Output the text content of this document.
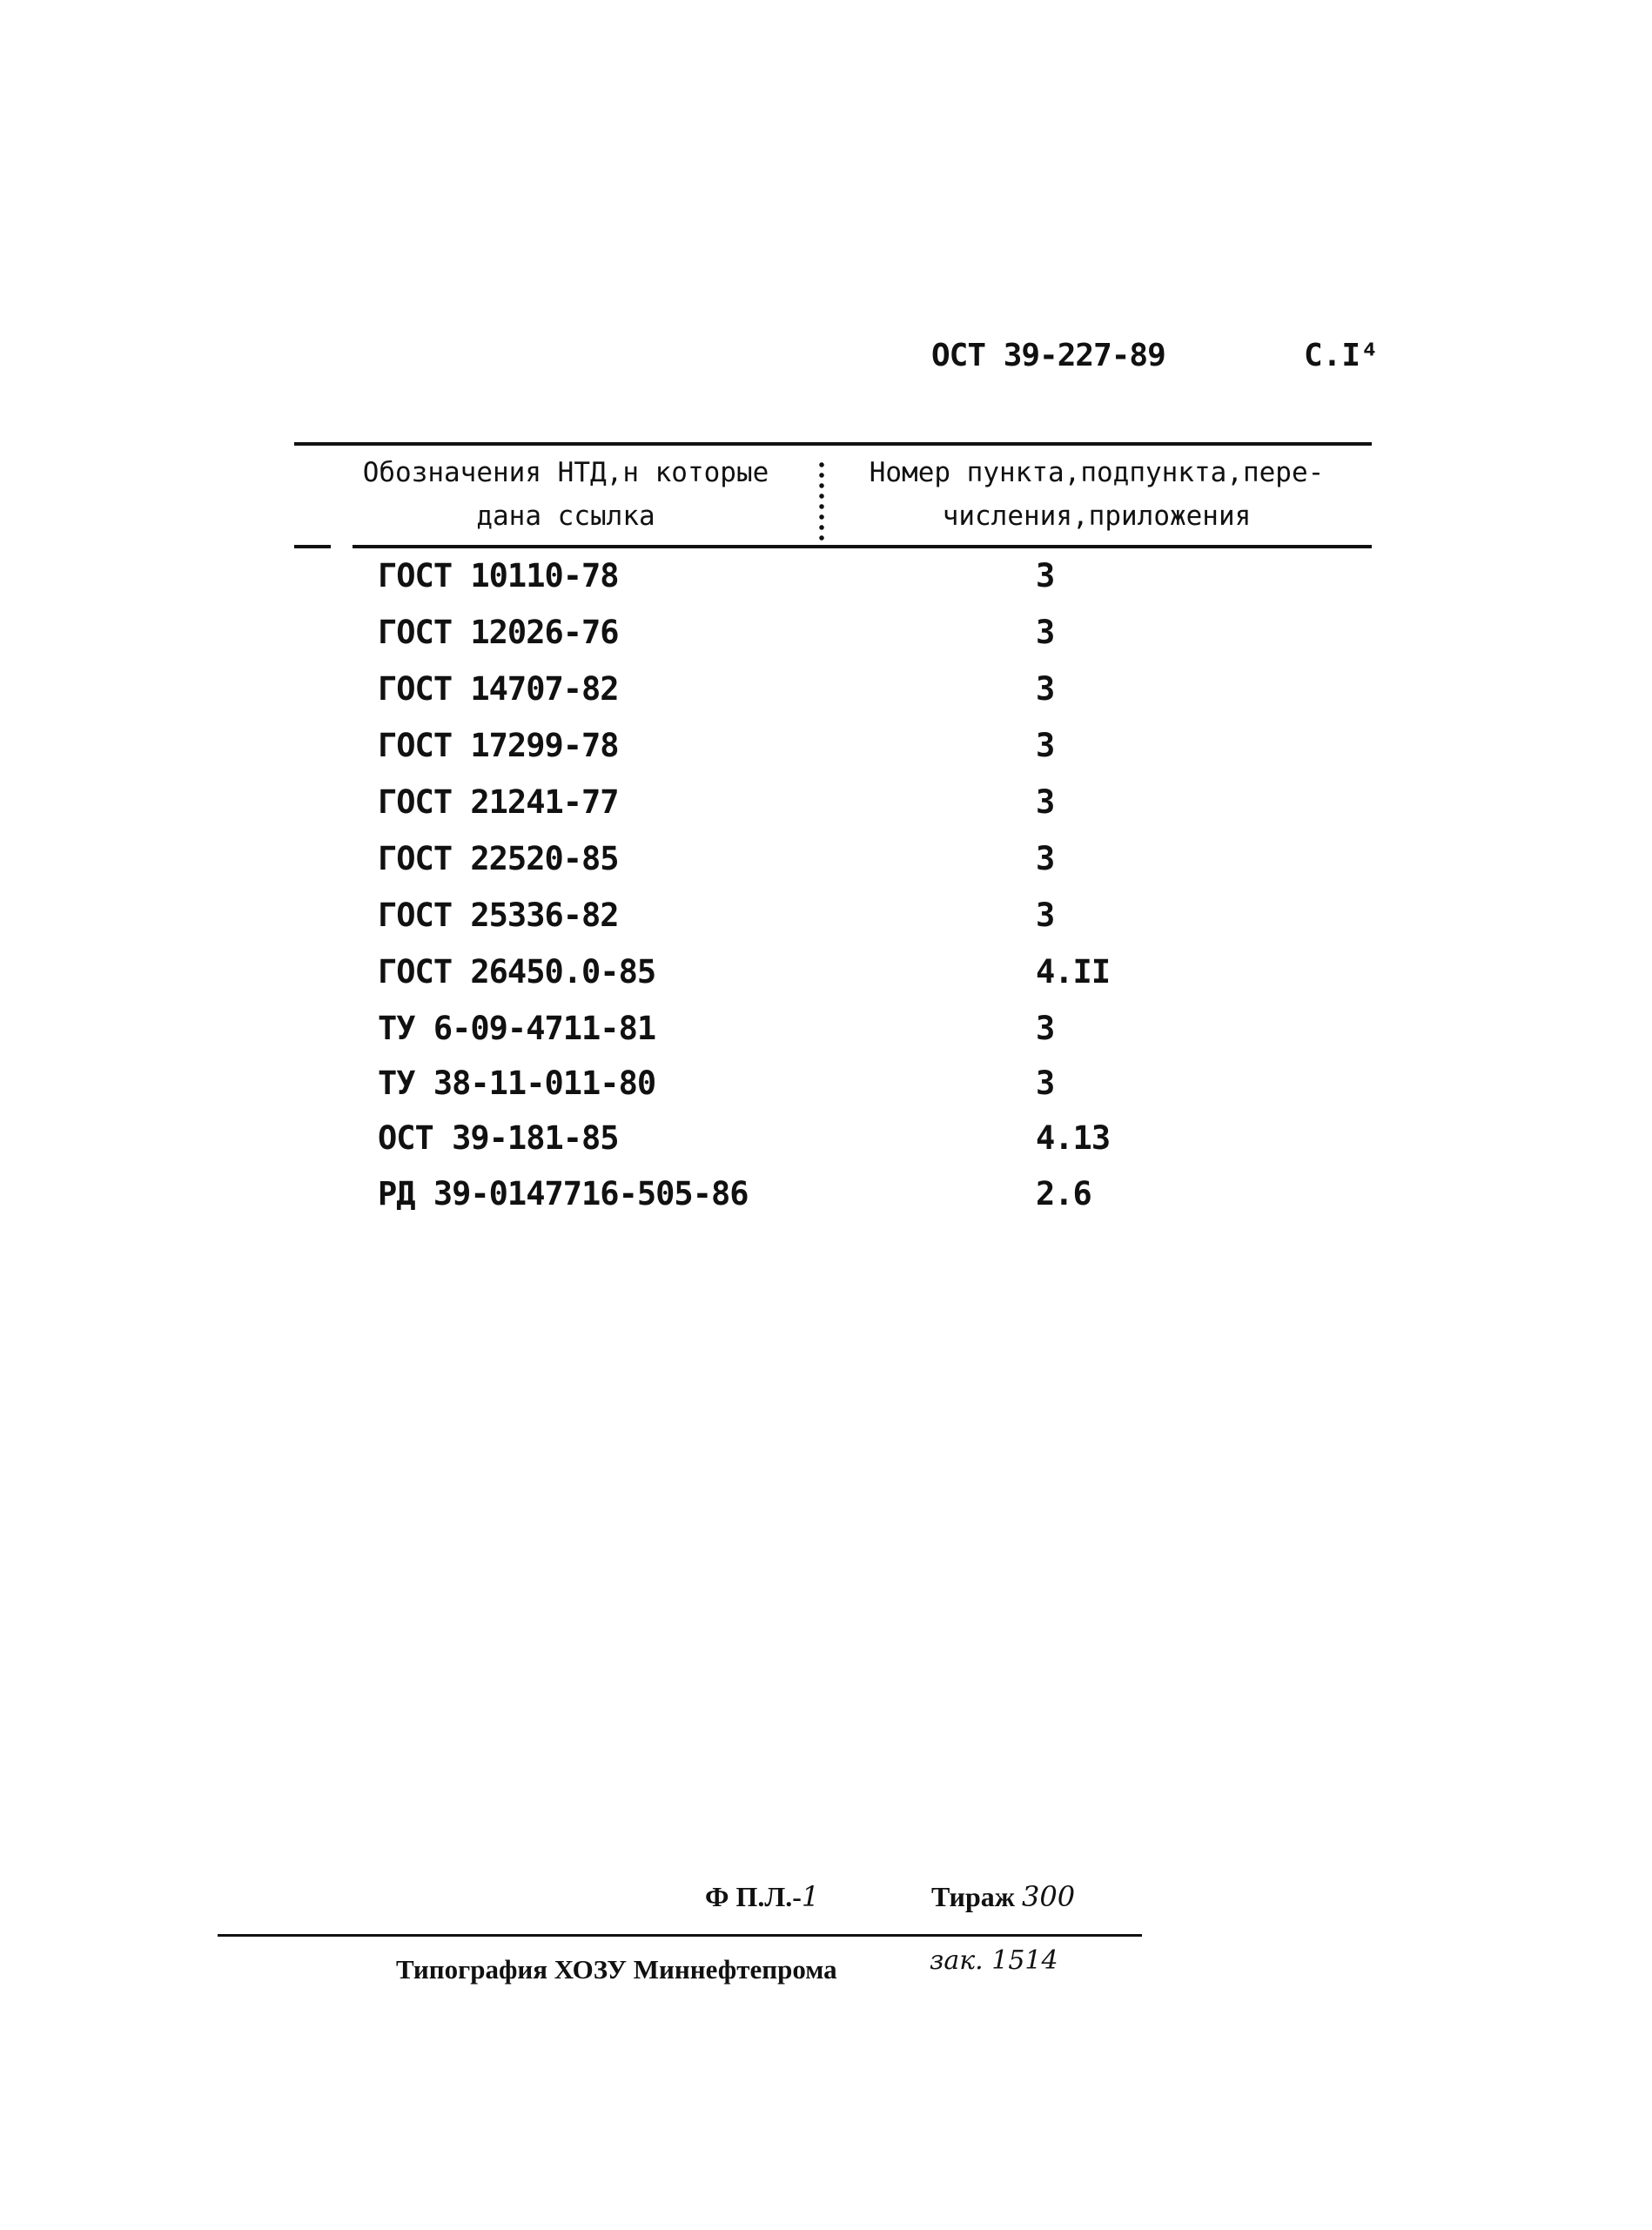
ОСТ 39-227-89	С.I⁴
Обозначения НТД,н которые
дана ссылка
Номер пункта,подпункта,пере-
числения,приложения
ГОСТ 10110-78	3
ГОСТ 12026-76	3
ГОСТ 14707-82	3
ГОСТ 17299-78	3
ГОСТ 21241-77	3
ГОСТ 22520-85	3
ГОСТ 25336-82	3
ГОСТ 26450.0-85	4.II
ТУ 6-09-4711-81	3
ТУ 38-11-011-80	3
ОСТ 39-181-85	4.13
РД 39-0147716-505-86	2.6
Ф П.Л.-1	Тираж 300
Типография ХОЗУ Миннефтепрома	зак. 1514
